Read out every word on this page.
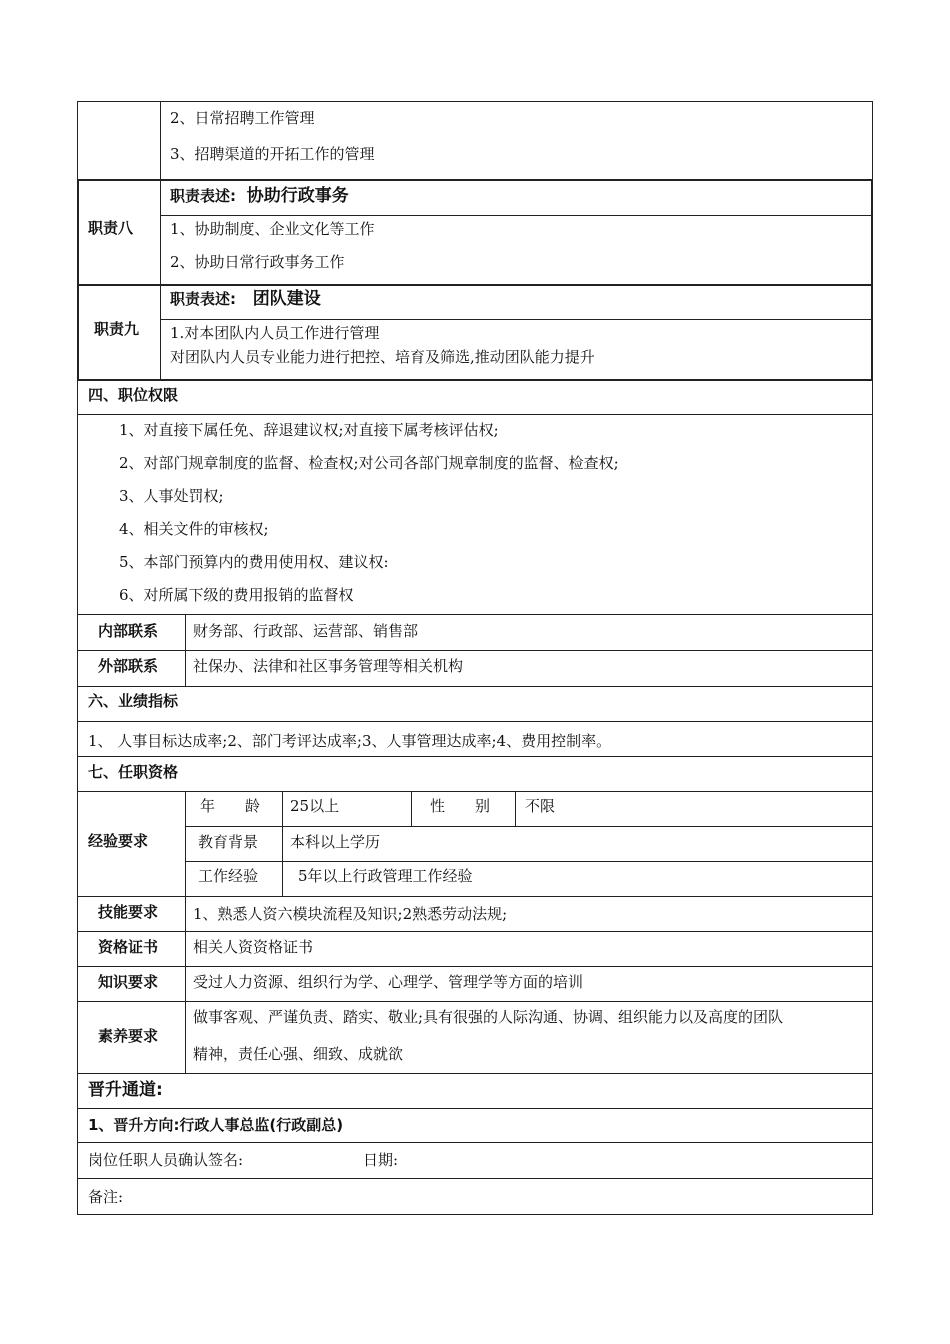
2、日常招聘工作管理
3、招聘渠道的开拓工作的管理
职责八
职责表述: 协助行政事务
1、协助制度、企业文化等工作
2、协助日常行政事务工作
职责九
职责表述: 团队建设
1.对本团队内人员工作进行管理
对团队内人员专业能力进行把控、培育及筛选,推动团队能力提升
四、职位权限
1、对直接下属任免、辞退建议权;对直接下属考核评估权;
2、对部门规章制度的监督、检查权;对公司各部门规章制度的监督、检查权;
3、人事处罚权;
4、相关文件的审核权;
5、本部门预算内的费用使用权、建议权:
6、对所属下级的费用报销的监督权
内部联系 财务部、行政部、运营部、销售部
外部联系 社保办、法律和社区事务管理等相关机构
六、业绩指标
1、 人事目标达成率;2、部门考评达成率;3、人事管理达成率;4、费用控制率。
七、任职资格
经验要求
年　　龄 25以上	性　　别 不限
教育背景 本科以上学历
工作经验	5年以上行政管理工作经验
技能要求 1、熟悉人资六模块流程及知识;2熟悉劳动法规;
资格证书 相关人资资格证书
知识要求 受过人力资源、组织行为学、心理学、管理学等方面的培训
素养要求
做事客观、严谨负责、踏实、敬业;具有很强的人际沟通、协调、组织能力以及高度的团队
精神，责任心强、细致、成就欲
晋升通道:
1、晋升方向:行政人事总监(行政副总)
岗位任职人员确认签名:	日期:
备注:
